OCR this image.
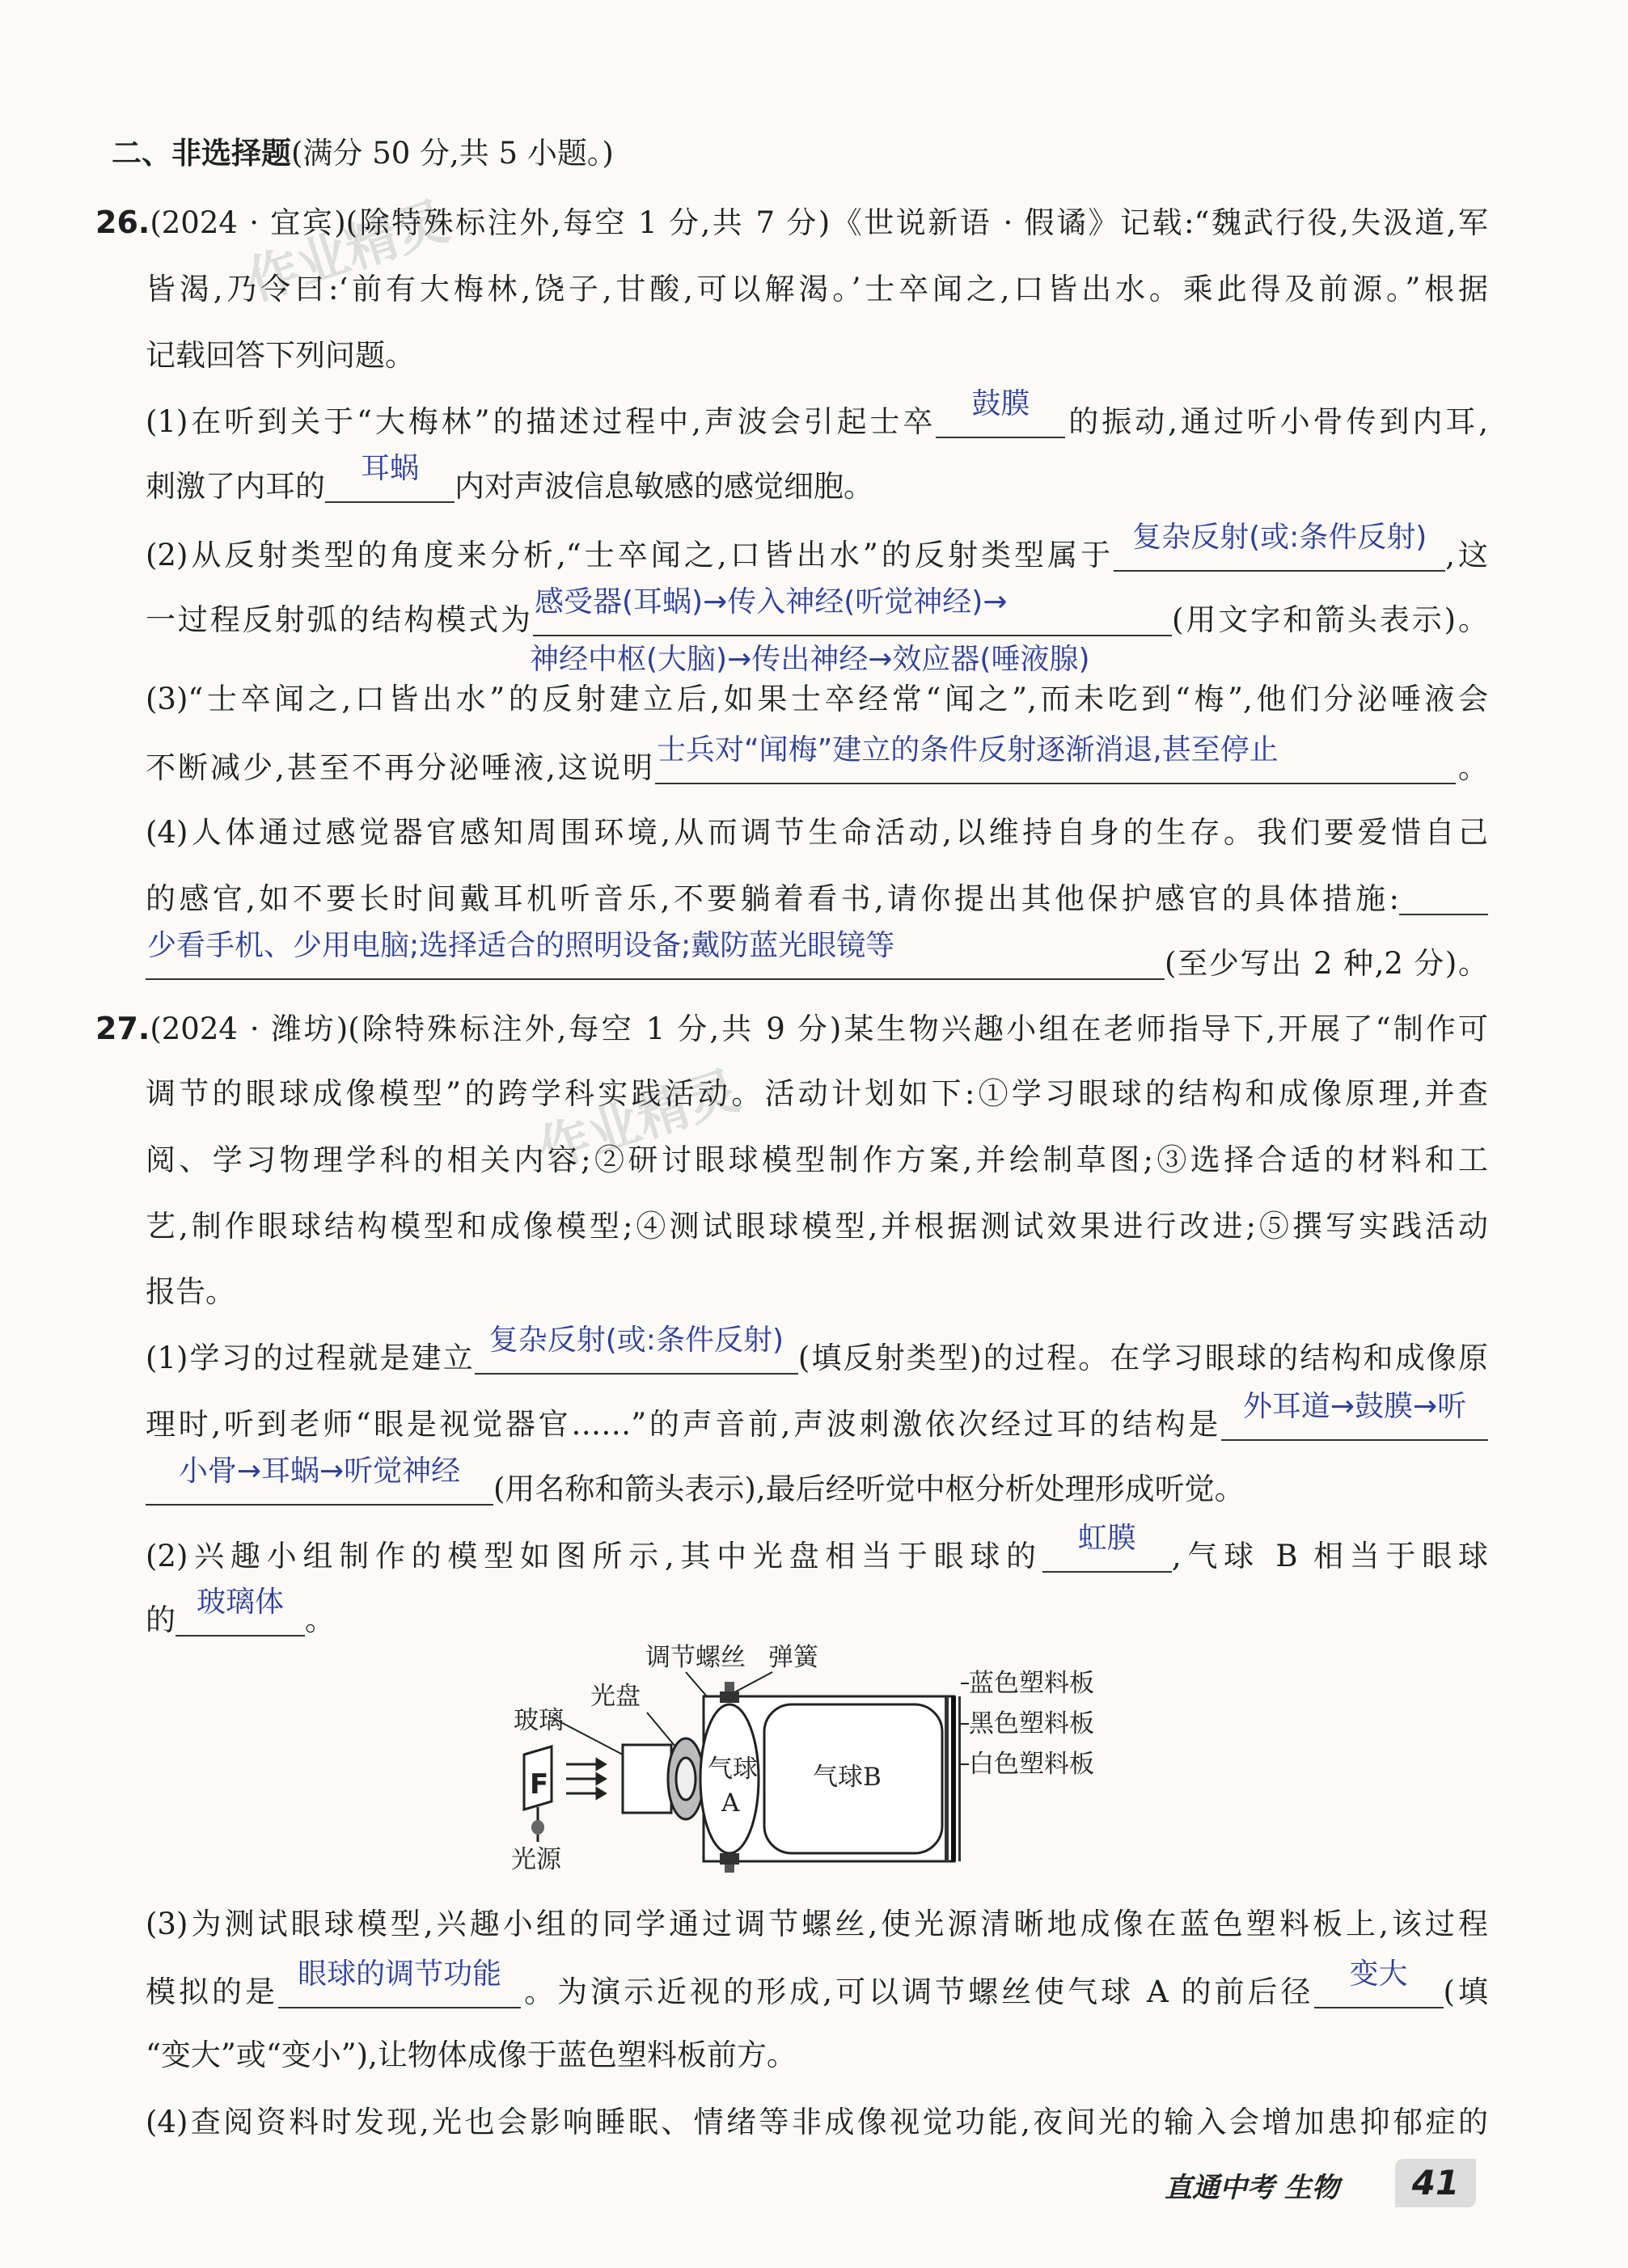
作业精灵
作业精灵
二、非选择题(满分 50 分,共 5 小题。)
26.(2024 · 宜宾)(除特殊标注外,每空 1 分,共 7 分)《世说新语 · 假谲》记载:“魏武行役,失汲道,军
皆渴,乃令曰:‘前有大梅林,饶子,甘酸,可以解渴。’士卒闻之,口皆出水。乘此得及前源。”根据
记载回答下列问题。
(1)在听到关于“大梅林”的描述过程中,声波会引起士卒
鼓膜
的振动,通过听小骨传到内耳,
刺激了内耳的
耳蜗
内对声波信息敏感的感觉细胞。
(2)从反射类型的角度来分析,“士卒闻之,口皆出水”的反射类型属于
复杂反射(或:条件反射)
,这
一过程反射弧的结构模式为
感受器(耳蜗)→传入神经(听觉神经)→
(用文字和箭头表示)。
神经中枢(大脑)→传出神经→效应器(唾液腺)
(3)“士卒闻之,口皆出水”的反射建立后,如果士卒经常“闻之”,而未吃到“梅”,他们分泌唾液会
不断减少,甚至不再分泌唾液,这说明
士兵对“闻梅”建立的条件反射逐渐消退,甚至停止
。
(4)人体通过感觉器官感知周围环境,从而调节生命活动,以维持自身的生存。我们要爱惜自己
的感官,如不要长时间戴耳机听音乐,不要躺着看书,请你提出其他保护感官的具体措施:
少看手机、少用电脑;选择适合的照明设备;戴防蓝光眼镜等
(至少写出 2 种,2 分)。
27.(2024 · 潍坊)(除特殊标注外,每空 1 分,共 9 分)某生物兴趣小组在老师指导下,开展了“制作可
调节的眼球成像模型”的跨学科实践活动。活动计划如下:①学习眼球的结构和成像原理,并查
阅、学习物理学科的相关内容;②研讨眼球模型制作方案,并绘制草图;③选择合适的材料和工
艺,制作眼球结构模型和成像模型;④测试眼球模型,并根据测试效果进行改进;⑤撰写实践活动
报告。
(1)学习的过程就是建立
复杂反射(或:条件反射)
(填反射类型)的过程。在学习眼球的结构和成像原
理时,听到老师“眼是视觉器官……”的声音前,声波刺激依次经过耳的结构是
外耳道→鼓膜→听
小骨→耳蜗→听觉神经
(用名称和箭头表示),最后经听觉中枢分析处理形成听觉。
(2)兴趣小组制作的模型如图所示,其中光盘相当于眼球的
虹膜
,气球 B 相当于眼球
的
玻璃体
。
调节螺丝 弹簧
光盘
玻璃
蓝色塑料板
黑色塑料板
白色塑料板
光源
F	气球
A
气球B
(3)为测试眼球模型,兴趣小组的同学通过调节螺丝,使光源清晰地成像在蓝色塑料板上,该过程
模拟的是
眼球的调节功能
。为演示近视的形成,可以调节螺丝使气球 A 的前后径
变大
(填
“变大”或“变小”),让物体成像于蓝色塑料板前方。
(4)查阅资料时发现,光也会影响睡眠、情绪等非成像视觉功能,夜间光的输入会增加患抑郁症的
直通中考 生物	41
